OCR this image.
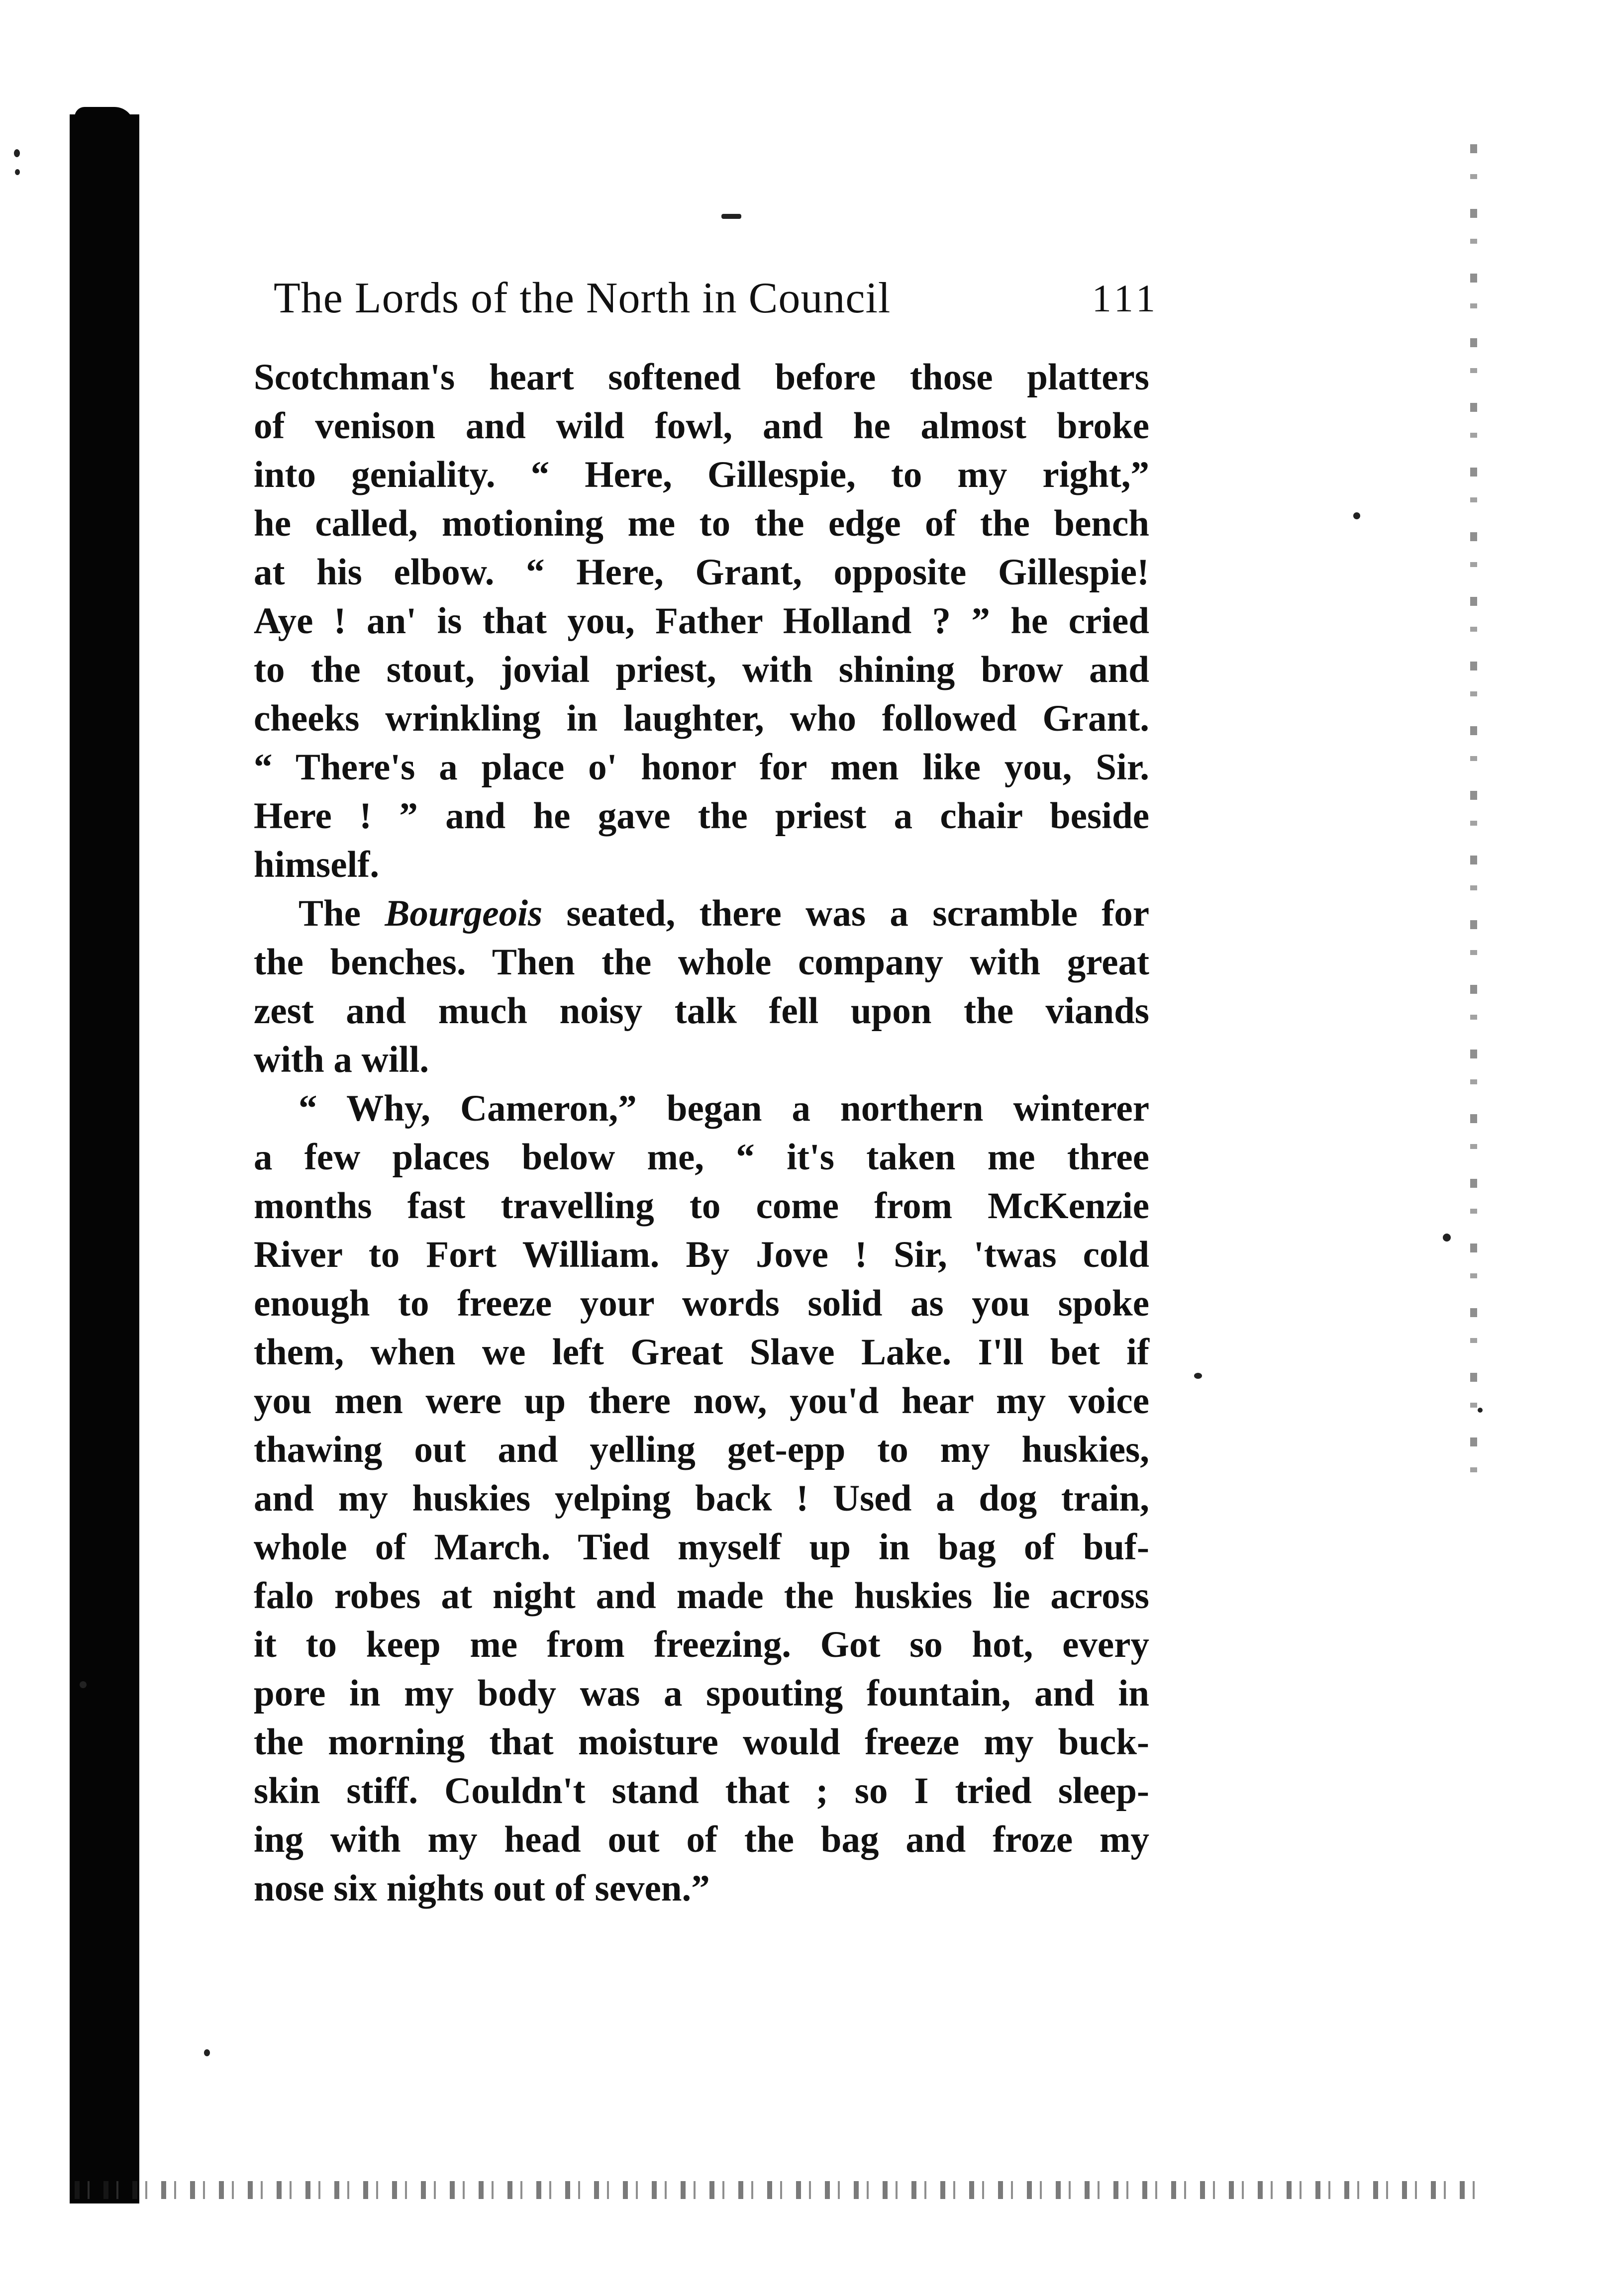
The Lords of the North in Council	111
Scotchman's heart softened before those platters
of venison and wild fowl, and he almost broke
into geniality. “ Here, Gillespie, to my right,”
he called, motioning me to the edge of the bench
at his elbow. “ Here, Grant, opposite Gillespie!
Aye ! an' is that you, Father Holland ? ” he cried
to the stout, jovial priest, with shining brow and
cheeks wrinkling in laughter, who followed Grant.
“ There's a place o' honor for men like you, Sir.
Here ! ” and he gave the priest a chair beside
himself.
The Bourgeois seated, there was a scramble for
the benches. Then the whole company with great
zest and much noisy talk fell upon the viands
with a will.
“ Why, Cameron,” began a northern winterer
a few places below me, “ it's taken me three
months fast travelling to come from McKenzie
River to Fort William. By Jove ! Sir, 'twas cold
enough to freeze your words solid as you spoke
them, when we left Great Slave Lake. I'll bet if
you men were up there now, you'd hear my voice
thawing out and yelling get-epp to my huskies,
and my huskies yelping back ! Used a dog train,
whole of March. Tied myself up in bag of buf-
falo robes at night and made the huskies lie across
it to keep me from freezing. Got so hot, every
pore in my body was a spouting fountain, and in
the morning that moisture would freeze my buck-
skin stiff. Couldn't stand that ; so I tried sleep-
ing with my head out of the bag and froze my
nose six nights out of seven.”
